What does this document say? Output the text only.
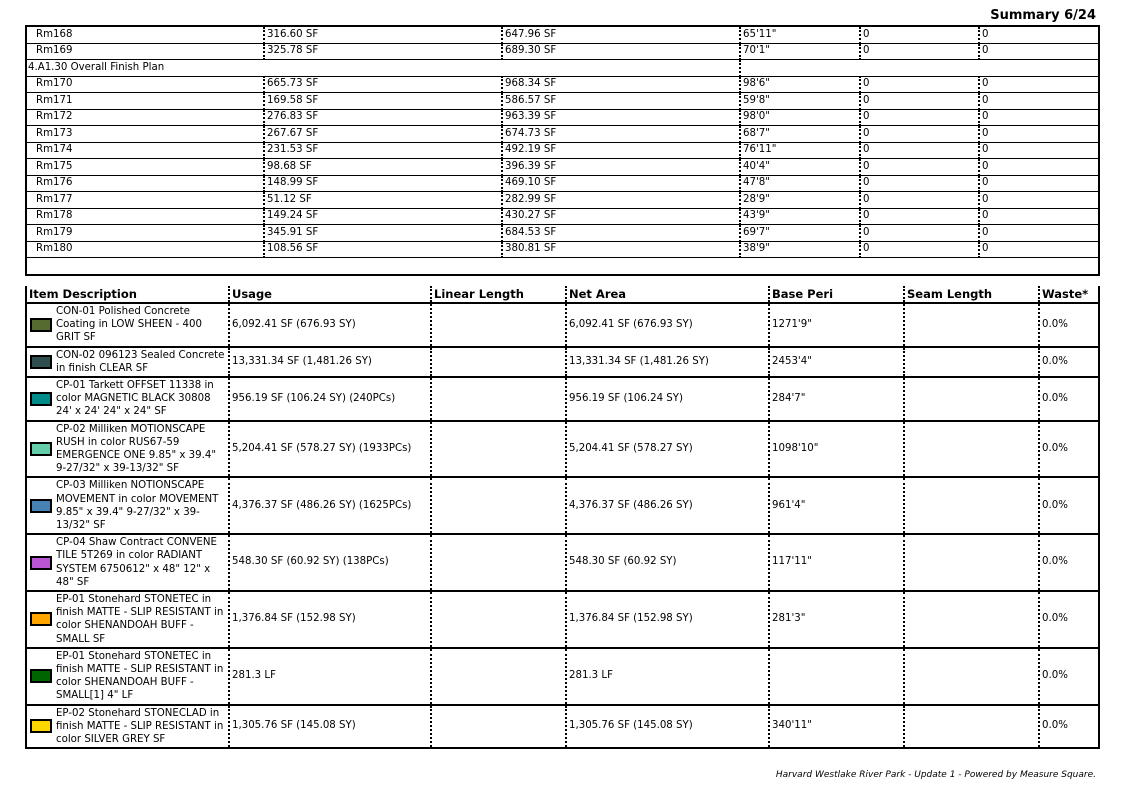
Summary 6/24
Rm168	316.60 SF	647.96 SF	65'11"	0	0
Rm169	325.78 SF	689.30 SF	70'1"	0	0
4.A1.30 Overall Finish Plan					
Rm170	665.73 SF	968.34 SF	98'6"	0	0
Rm171	169.58 SF	586.57 SF	59'8"	0	0
Rm172	276.83 SF	963.39 SF	98'0"	0	0
Rm173	267.67 SF	674.73 SF	68'7"	0	0
Rm174	231.53 SF	492.19 SF	76'11"	0	0
Rm175	98.68 SF	396.39 SF	40'4"	0	0
Rm176	148.99 SF	469.10 SF	47'8"	0	0
Rm177	51.12 SF	282.99 SF	28'9"	0	0
Rm178	149.24 SF	430.27 SF	43'9"	0	0
Rm179	345.91 SF	684.53 SF	69'7"	0	0
Rm180	108.56 SF	380.81 SF	38'9"	0	0

Item Description	Usage	Linear Length	Net Area	Base Peri	Seam Length	Waste*

CON-01 Polished Concrete Coating in LOW SHEEN - 400 GRIT SF	6,092.41 SF (676.93 SY)		6,092.41 SF (676.93 SY)	1271'9"		0.0%

CON-02 096123 Sealed Concrete in finish CLEAR SF	13,331.34 SF (1,481.26 SY)		13,331.34 SF (1,481.26 SY)	2453'4"		0.0%

CP-01 Tarkett OFFSET 11338 in color MAGNETIC BLACK 30808 24' x 24' 24" x 24" SF	956.19 SF (106.24 SY) (240PCs)		956.19 SF (106.24 SY)	284'7"		0.0%

CP-02 Milliken MOTIONSCAPE RUSH in color RUS67-59 EMERGENCE ONE 9.85" x 39.4" 9-27/32" x 39-13/32" SF	5,204.41 SF (578.27 SY) (1933PCs)		5,204.41 SF (578.27 SY)	1098'10"		0.0%

CP-03 Milliken NOTIONSCAPE MOVEMENT in color MOVEMENT 9.85" x 39.4" 9-27/32" x 39-13/32" SF	4,376.37 SF (486.26 SY) (1625PCs)		4,376.37 SF (486.26 SY)	961'4"		0.0%

CP-04 Shaw Contract CONVENE TILE 5T269 in color RADIANT SYSTEM 6750612" x 48" 12" x 48" SF	548.30 SF (60.92 SY) (138PCs)		548.30 SF (60.92 SY)	117'11"		0.0%

EP-01 Stonehard STONETEC in finish MATTE - SLIP RESISTANT in color SHENANDOAH BUFF - SMALL SF	1,376.84 SF (152.98 SY)		1,376.84 SF (152.98 SY)	281'3"		0.0%

EP-01 Stonehard STONETEC in finish MATTE - SLIP RESISTANT in color SHENANDOAH BUFF - SMALL[1] 4" LF	281.3 LF		281.3 LF			0.0%

EP-02 Stonehard STONECLAD in finish MATTE - SLIP RESISTANT in color SILVER GREY SF	1,305.76 SF (145.08 SY)		1,305.76 SF (145.08 SY)	340'11"		0.0%
Harvard Westlake River Park - Update 1 - Powered by Measure Square.
